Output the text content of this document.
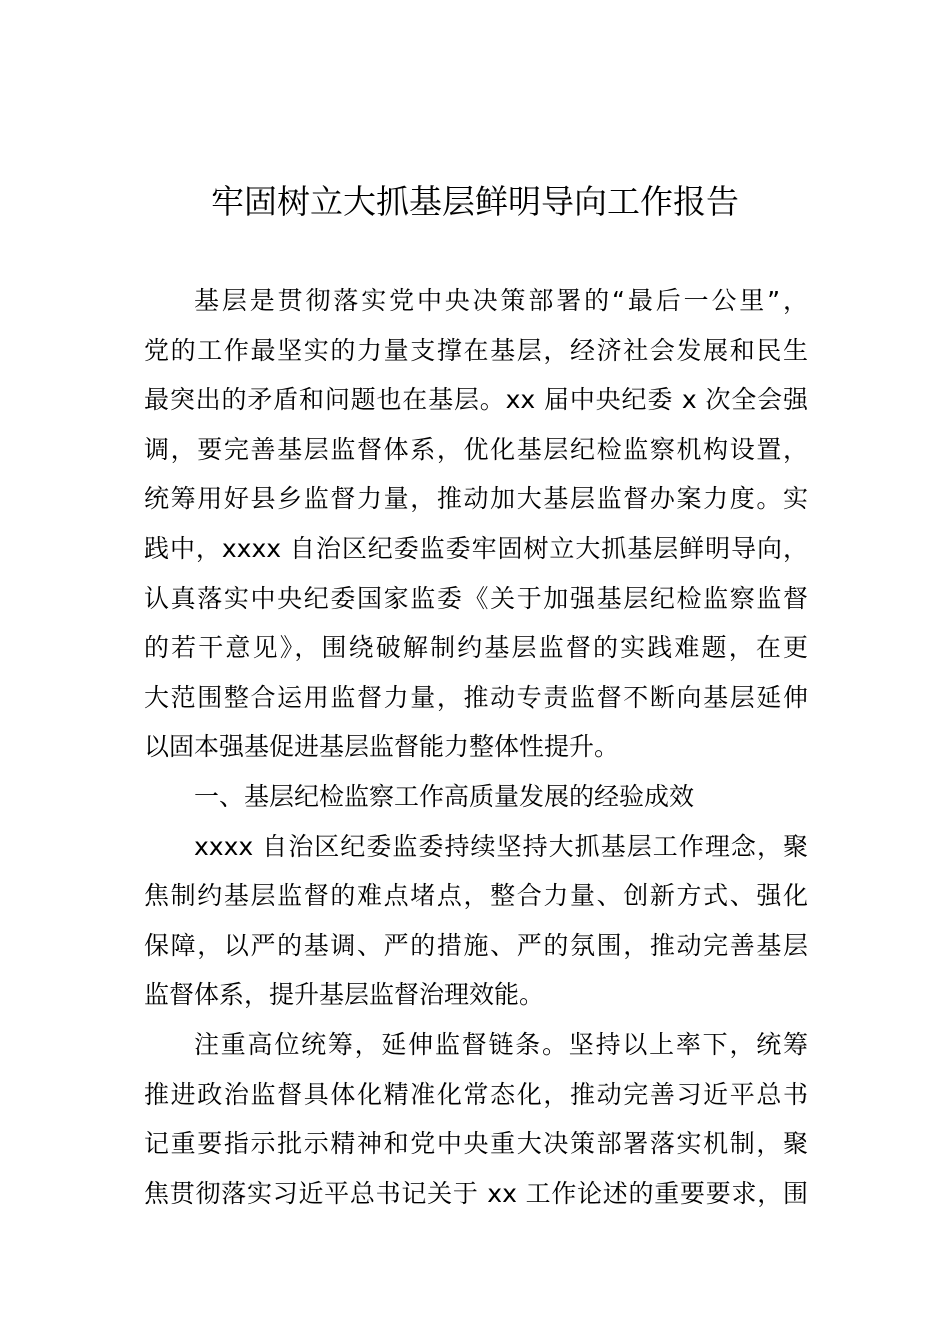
牢固树立大抓基层鲜明导向工作报告
基层是贯彻落实党中央决策部署的“最后一公里”，
党的工作最坚实的力量支撑在基层，经济社会发展和民生
最突出的矛盾和问题也在基层。xx 届中央纪委 x 次全会强
调，要完善基层监督体系，优化基层纪检监察机构设置，
统筹用好县乡监督力量，推动加大基层监督办案力度。实
践中，xxxx 自治区纪委监委牢固树立大抓基层鲜明导向，
认真落实中央纪委国家监委《关于加强基层纪检监察监督
的若干意见》，围绕破解制约基层监督的实践难题，在更
大范围整合运用监督力量，推动专责监督不断向基层延伸
以固本强基促进基层监督能力整体性提升。
一、基层纪检监察工作高质量发展的经验成效
xxxx 自治区纪委监委持续坚持大抓基层工作理念，聚
焦制约基层监督的难点堵点，整合力量、创新方式、强化
保障，以严的基调、严的措施、严的氛围，推动完善基层
监督体系，提升基层监督治理效能。
注重高位统筹，延伸监督链条。坚持以上率下，统筹
推进政治监督具体化精准化常态化，推动完善习近平总书
记重要指示批示精神和党中央重大决策部署落实机制，聚
焦贯彻落实习近平总书记关于 xx 工作论述的重要要求，围
